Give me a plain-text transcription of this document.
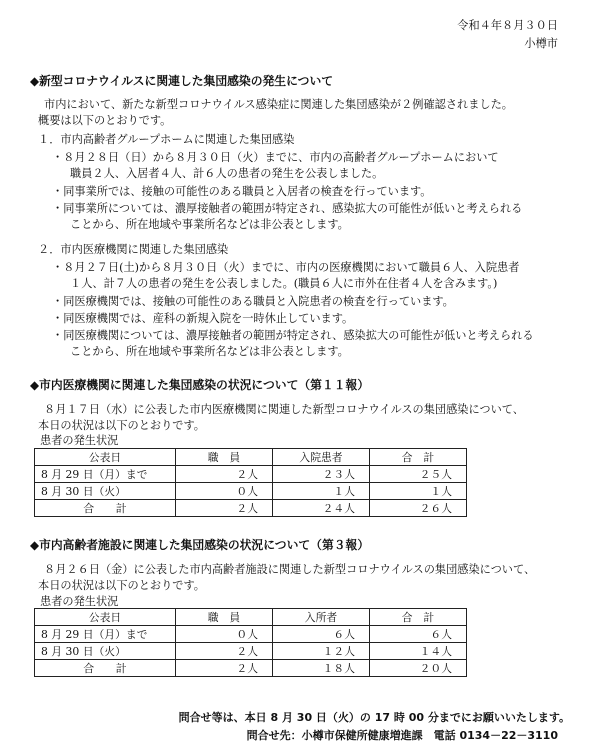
令和４年８月３０日
小樽市
◆新型コロナウイルスに関連した集団感染の発生について
市内において、新たな新型コロナウイルス感染症に関連した集団感染が２例確認されました。
概要は以下のとおりです。
１．市内高齢者グループホームに関連した集団感染
・８月２８日（日）から８月３０日（火）までに、市内の高齢者グループホームにおいて
職員２人、入居者４人、計６人の患者の発生を公表しました。
・同事業所では、接触の可能性のある職員と入居者の検査を行っています。
・同事業所については、濃厚接触者の範囲が特定され、感染拡大の可能性が低いと考えられる
ことから、所在地域や事業所名などは非公表とします。
２．市内医療機関に関連した集団感染
・８月２７日(土)から８月３０日（火）までに、市内の医療機関において職員６人、入院患者
１人、計７人の患者の発生を公表しました。(職員６人に市外在住者４人を含みます。)
・同医療機関では、接触の可能性のある職員と入院患者の検査を行っています。
・同医療機関では、産科の新規入院を一時休止しています。
・同医療機関については、濃厚接触者の範囲が特定され、感染拡大の可能性が低いと考えられる
ことから、所在地域や事業所名などは非公表とします。
◆市内医療機関に関連した集団感染の状況について（第１１報）
８月１７日（水）に公表した市内医療機関に関連した新型コロナウイルスの集団感染について、
本日の状況は以下のとおりです。
患者の発生状況
公表日	職　員	入院患者	合　計
8 月 29 日（月）まで	２人	２３人	２５人
8 月 30 日（火）	０人	１人	１人
合　　計	２人	２４人	２６人
◆市内高齢者施設に関連した集団感染の状況について（第３報）
８月２６日（金）に公表した市内高齢者施設に関連した新型コロナウイルスの集団感染について、
本日の状況は以下のとおりです。
患者の発生状況
公表日	職　員	入所者	合　計
8 月 29 日（月）まで	０人	６人	６人
8 月 30 日（火）	２人	１２人	１４人
合　　計	２人	１８人	２０人
問合せ等は、本日 8 月 30 日（火）の 17 時 00 分までにお願いいたします。
問合せ先：小樽市保健所健康増進課　電話 0134－22－3110
